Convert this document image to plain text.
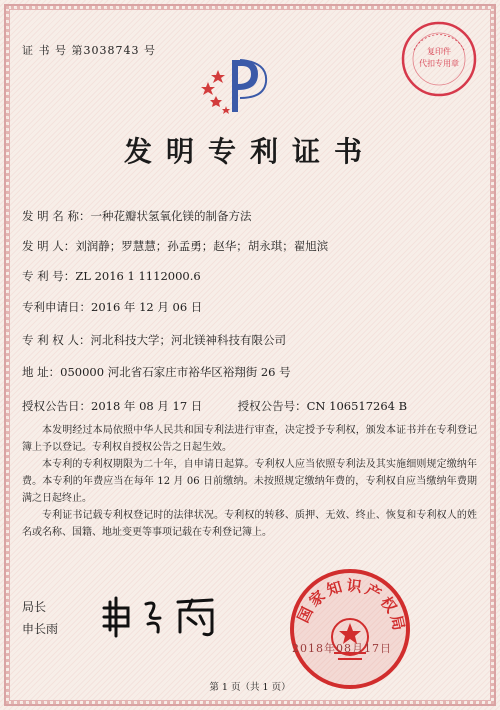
复印件
代扣专用章
证 书 号 第3038743 号
发明专利证书
发 明 名 称：一种花瓣状氢氧化镁的制备方法
发 明 人：刘润静；罗慧慧；孙孟勇；赵华；胡永琪；翟旭滨
专 利 号：ZL 2016 1 1112000.6
专利申请日：2016 年 12 月 06 日
专 利 权 人：河北科技大学；河北镁神科技有限公司
地 址：050000 河北省石家庄市裕华区裕翔街 26 号
授权公告日：2018 年 08 月 17 日	授权公告号：CN 106517264 B

本发明经过本局依照中华人民共和国专利法进行审查，决定授予专利权，颁发本证书并在专利登记簿上予以登记。专利权自授权公告之日起生效。

本专利的专利权期限为二十年，自申请日起算。专利权人应当依照专利法及其实施细则规定缴纳年费。本专利的年费应当在每年 12 月 06 日前缴纳。未按照规定缴纳年费的，专利权自应当缴纳年费期满之日起终止。

专利证书记载专利权登记时的法律状况。专利权的转移、质押、无效、终止、恢复和专利权人的姓名或名称、国籍、地址变更等事项记载在专利登记簿上。

局长
申长雨
国家知识产权局
2018年08月17日
第 1 页（共 1 页）
